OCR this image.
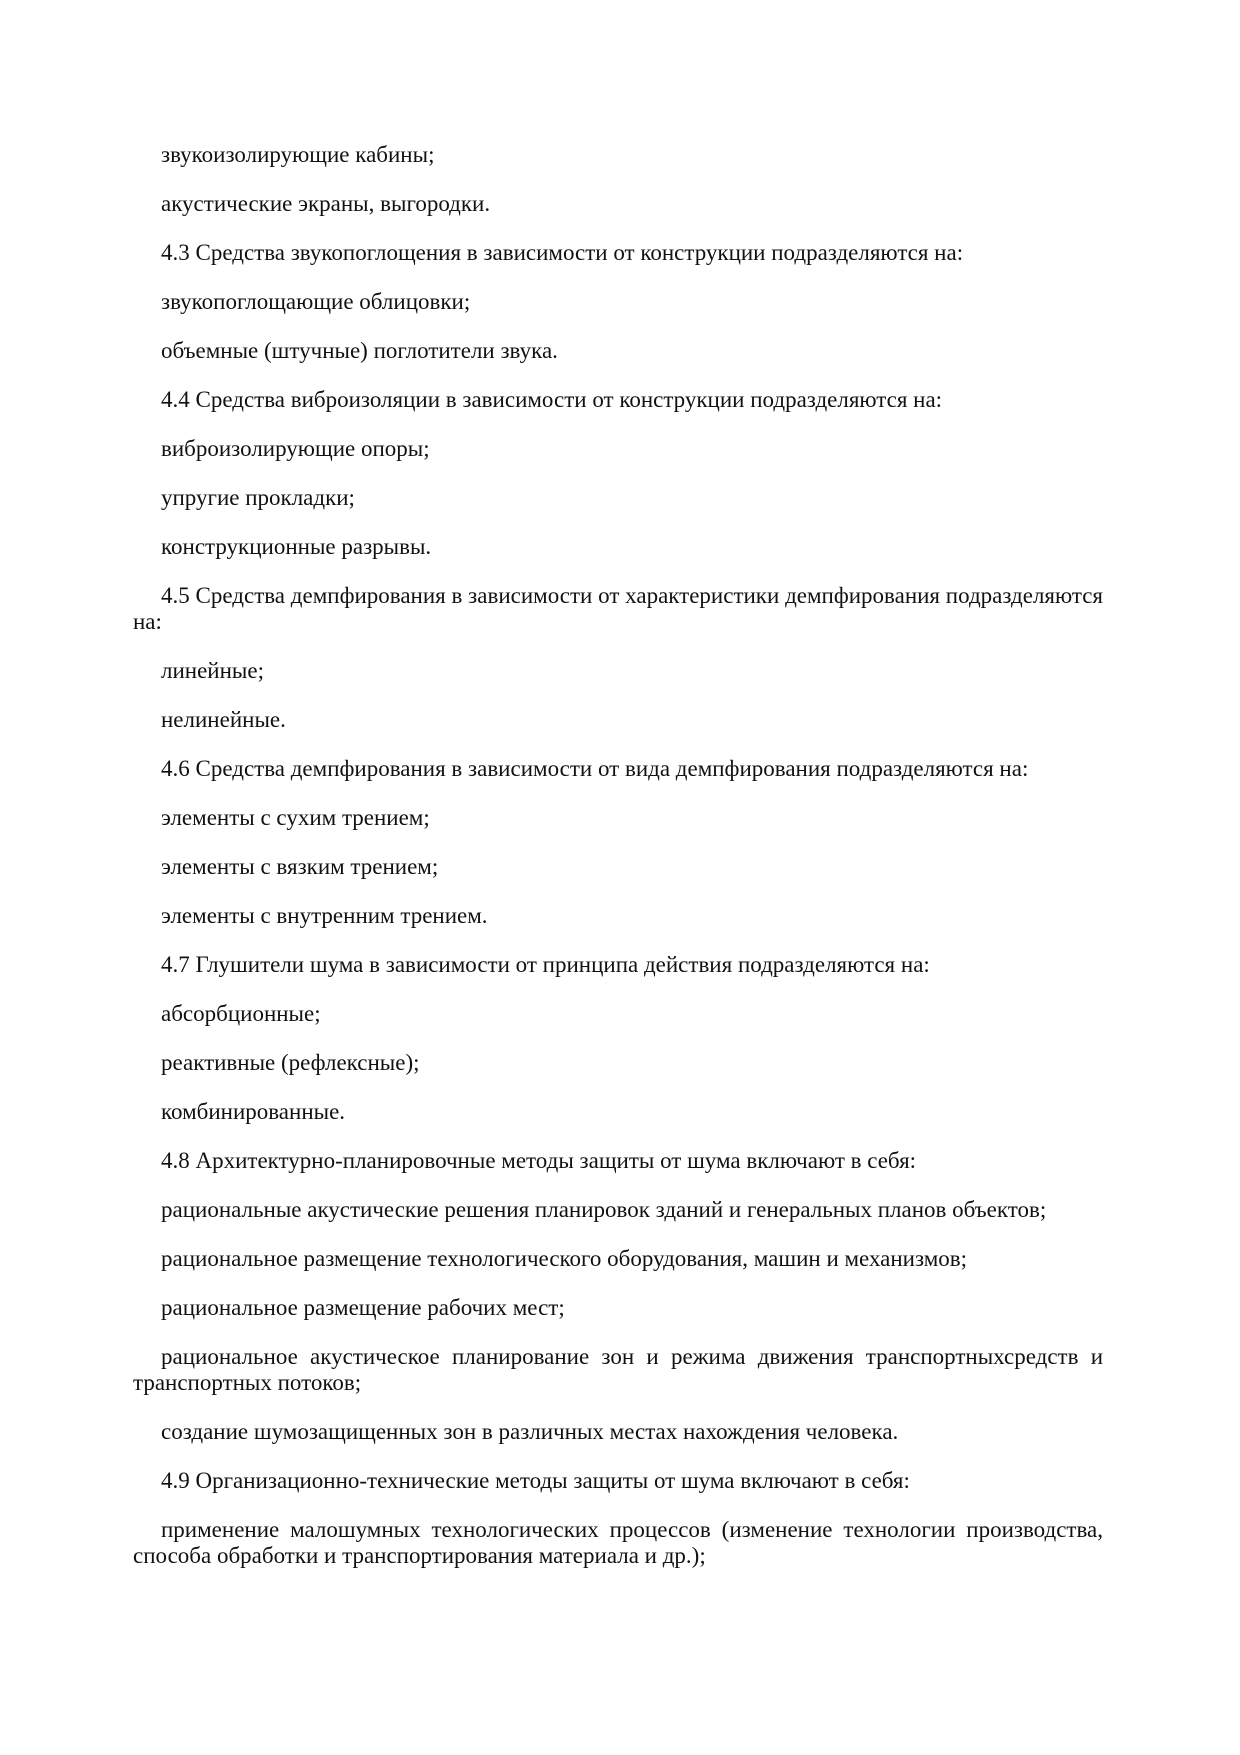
звукоизолирующие кабины;

акустические экраны, выгородки.

4.3 Средства звукопоглощения в зависимости от конструкции подразделяются на:

звукопоглощающие облицовки;

объемные (штучные) поглотители звука.

4.4 Средства виброизоляции в зависимости от конструкции подразделяются на:

виброизолирующие опоры;

упругие прокладки;

конструкционные разрывы.

4.5 Средства демпфирования в зависимости от характеристики демпфирования подразделяются на:

линейные;

нелинейные.

4.6 Средства демпфирования в зависимости от вида демпфирования подразделяются на:

элементы с сухим трением;

элементы с вязким трением;

элементы с внутренним трением.

4.7 Глушители шума в зависимости от принципа действия подразделяются на:

абсорбционные;

реактивные (рефлексные);

комбинированные.

4.8 Архитектурно-планировочные методы защиты от шума включают в себя:

рациональные акустические решения планировок зданий и генеральных планов объектов;

рациональное размещение технологического оборудования, машин и механизмов;

рациональное размещение рабочих мест;

рациональное акустическое планирование зон и режима движения транспортныхсредств и транспортных потоков;

создание шумозащищенных зон в различных местах нахождения человека.

4.9 Организационно-технические методы защиты от шума включают в себя:

применение малошумных технологических процессов (изменение технологии производства, способа обработки и транспортирования материала и др.);
